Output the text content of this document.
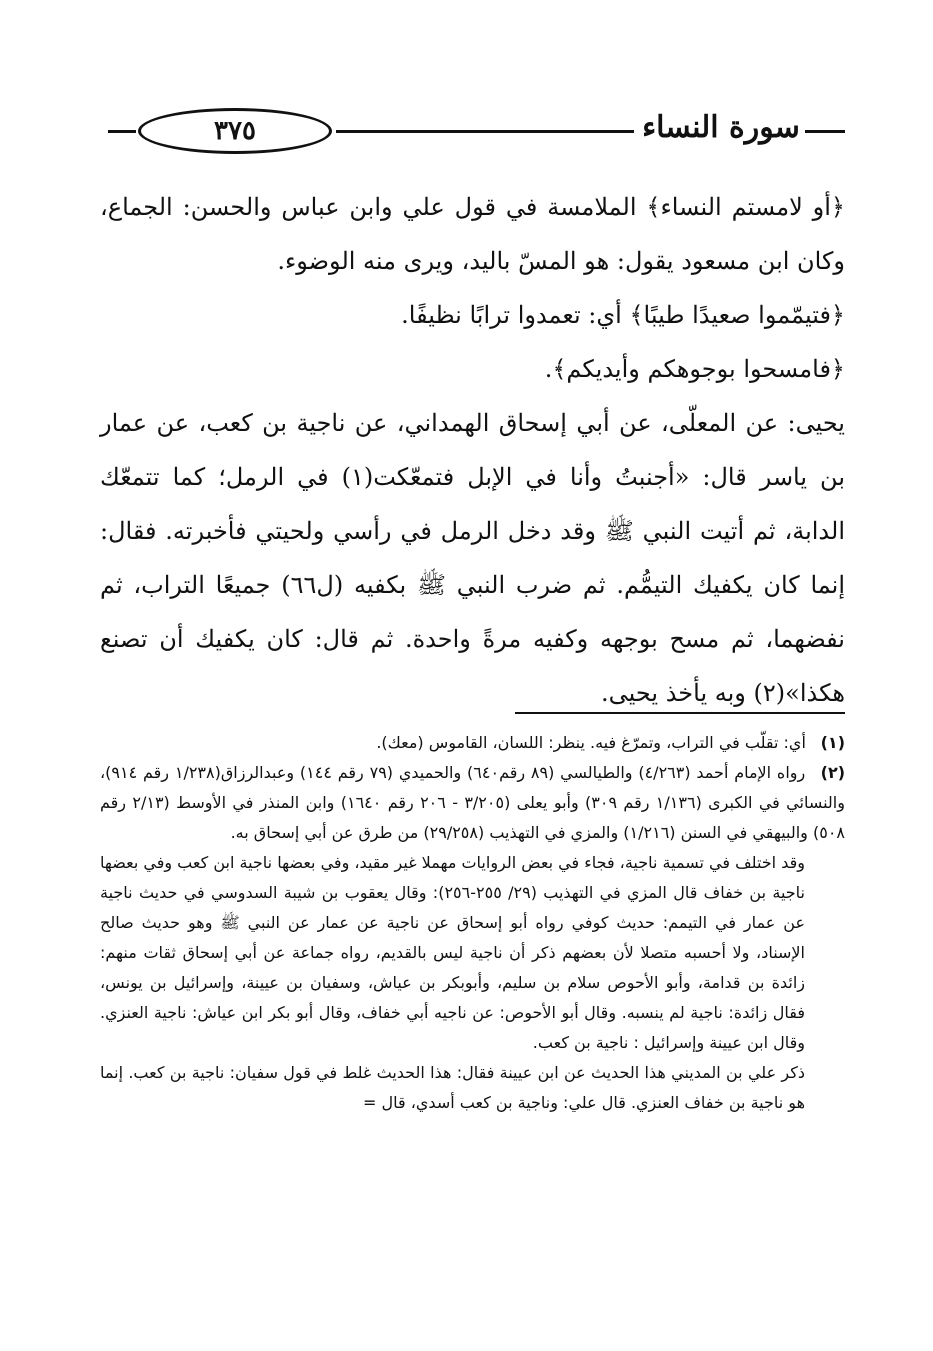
٣٧٥	سورة النساء

﴿أو لامستم النساء﴾ الملامسة في قول علي وابن عباس والحسن: الجماع، وكان ابن مسعود يقول: هو المسّ باليد، ويرى منه الوضوء.

﴿فتيمّموا صعيدًا طيبًا﴾ أي: تعمدوا ترابًا نظيفًا.

﴿فامسحوا بوجوهكم وأيديكم﴾.

يحيى: عن المعلّى، عن أبي إسحاق الهمداني، عن ناجية بن كعب، عن عمار بن ياسر قال: «أجنبتُ وأنا في الإبل فتمعّكت(١) في الرمل؛ كما تتمعّك الدابة، ثم أتيت النبي ﷺ وقد دخل الرمل في رأسي ولحيتي فأخبرته. فقال: إنما كان يكفيك التيمُّم. ثم ضرب النبي ﷺ بكفيه (ل٦٦) جميعًا التراب، ثم نفضهما، ثم مسح بوجهه وكفيه مرةً واحدة. ثم قال: كان يكفيك أن تصنع هكذا»(٢) وبه يأخذ يحيى.

(١) أي: تقلّب في التراب، وتمرّغ فيه. ينظر: اللسان، القاموس (معك).

(٢) رواه الإمام أحمد (٤/٢٦٣) والطيالسي (٨٩ رقم٦٤٠) والحميدي (٧٩ رقم ١٤٤) وعبدالرزاق(١/٢٣٨ رقم ٩١٤)، والنسائي في الكبرى (١/١٣٦ رقم ٣٠٩) وأبو يعلى (٣/٢٠٥ - ٢٠٦ رقم ١٦٤٠) وابن المنذر في الأوسط (٢/١٣ رقم ٥٠٨) والبيهقي في السنن (١/٢١٦) والمزي في التهذيب (٢٩/٢٥٨) من طرق عن أبي إسحاق به.

وقد اختلف في تسمية ناجية، فجاء في بعض الروايات مهملا غير مقيد، وفي بعضها ناجية ابن كعب وفي بعضها ناجية بن خفاف قال المزي في التهذيب (٢٩/ ٢٥٥-٢٥٦): وقال يعقوب بن شيبة السدوسي في حديث ناجية عن عمار في التيمم: حديث كوفي رواه أبو إسحاق عن ناجية عن عمار عن النبي ﷺ وهو حديث صالح الإسناد، ولا أحسبه متصلا لأن بعضهم ذكر أن ناجية ليس بالقديم، رواه جماعة عن أبي إسحاق ثقات منهم: زائدة بن قدامة، وأبو الأحوص سلام بن سليم، وأبوبكر بن عياش، وسفيان بن عيينة، وإسرائيل بن يونس، فقال زائدة: ناجية لم ينسبه. وقال أبو الأحوص: عن ناجيه أبي خفاف، وقال أبو بكر ابن عياش: ناجية العنزي. وقال ابن عيينة وإسرائيل : ناجية بن كعب.

ذكر علي بن المديني هذا الحديث عن ابن عيينة فقال: هذا الحديث غلط في قول سفيان: ناجية بن كعب. إنما هو ناجية بن خفاف العنزي. قال علي: وناجية بن كعب أسدي، قال =
